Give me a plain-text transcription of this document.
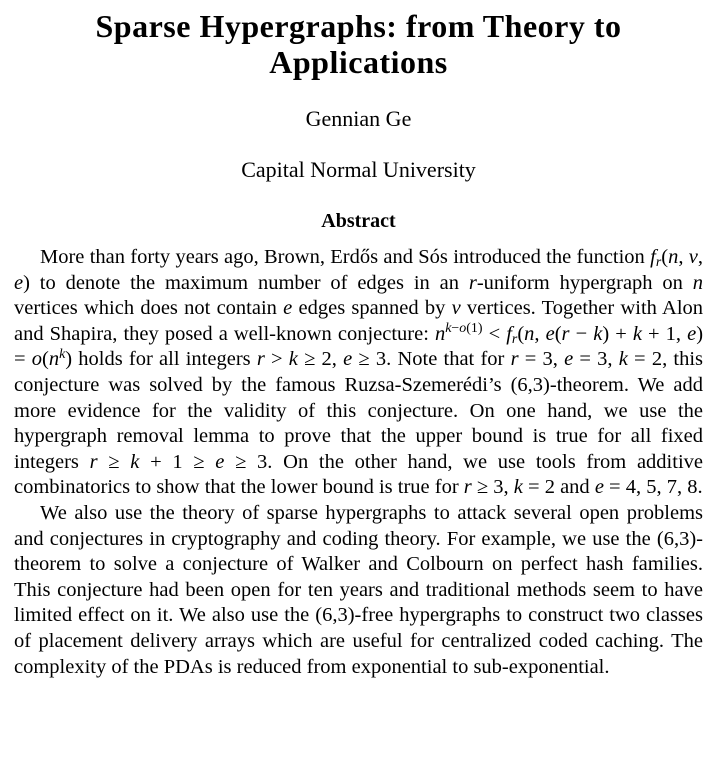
Sparse Hypergraphs: from Theory to
Applications
Gennian Ge
Capital Normal University
Abstract

More than forty years ago, Brown, Erdős and Sós introduced the function $f_r(n$, v, e) to denote the maximum number of edges in an r-uniform hypergraph on n vertices which does not contain e edges spanned by v vertices. Together with Alon and Shapira, they posed a well-known conjecture: $n^{k-o(1)} < f_r(n$, e(r − k) + k + 1, $e) = o(n^k)$ holds for all integers r > k ≥ 2, e ≥ 3. Note that for r = 3, e = 3, k = 2, this conjecture was solved by the famous Ruzsa-Szemerédi’s (6,3)-theorem. We add more evidence for the validity of this conjecture. On one hand, we use the hypergraph removal lemma to prove that the upper bound is true for all fixed integers r ≥ k + 1 ≥ e ≥ 3. On the other hand, we use tools from additive combinatorics to show that the lower bound is true for r ≥ 3, k = 2 and e = 4, 5, 7, 8.

We also use the theory of sparse hypergraphs to attack several open problems and conjectures in cryptography and coding theory. For example, we use the (6,3)-theorem to solve a conjecture of Walker and Colbourn on perfect hash families. This conjecture had been open for ten years and traditional methods seem to have limited effect on it. We also use the (6,3)-free hypergraphs to construct two classes of placement delivery arrays which are useful for centralized coded caching. The complexity of the PDAs is reduced from exponential to sub-exponential.
